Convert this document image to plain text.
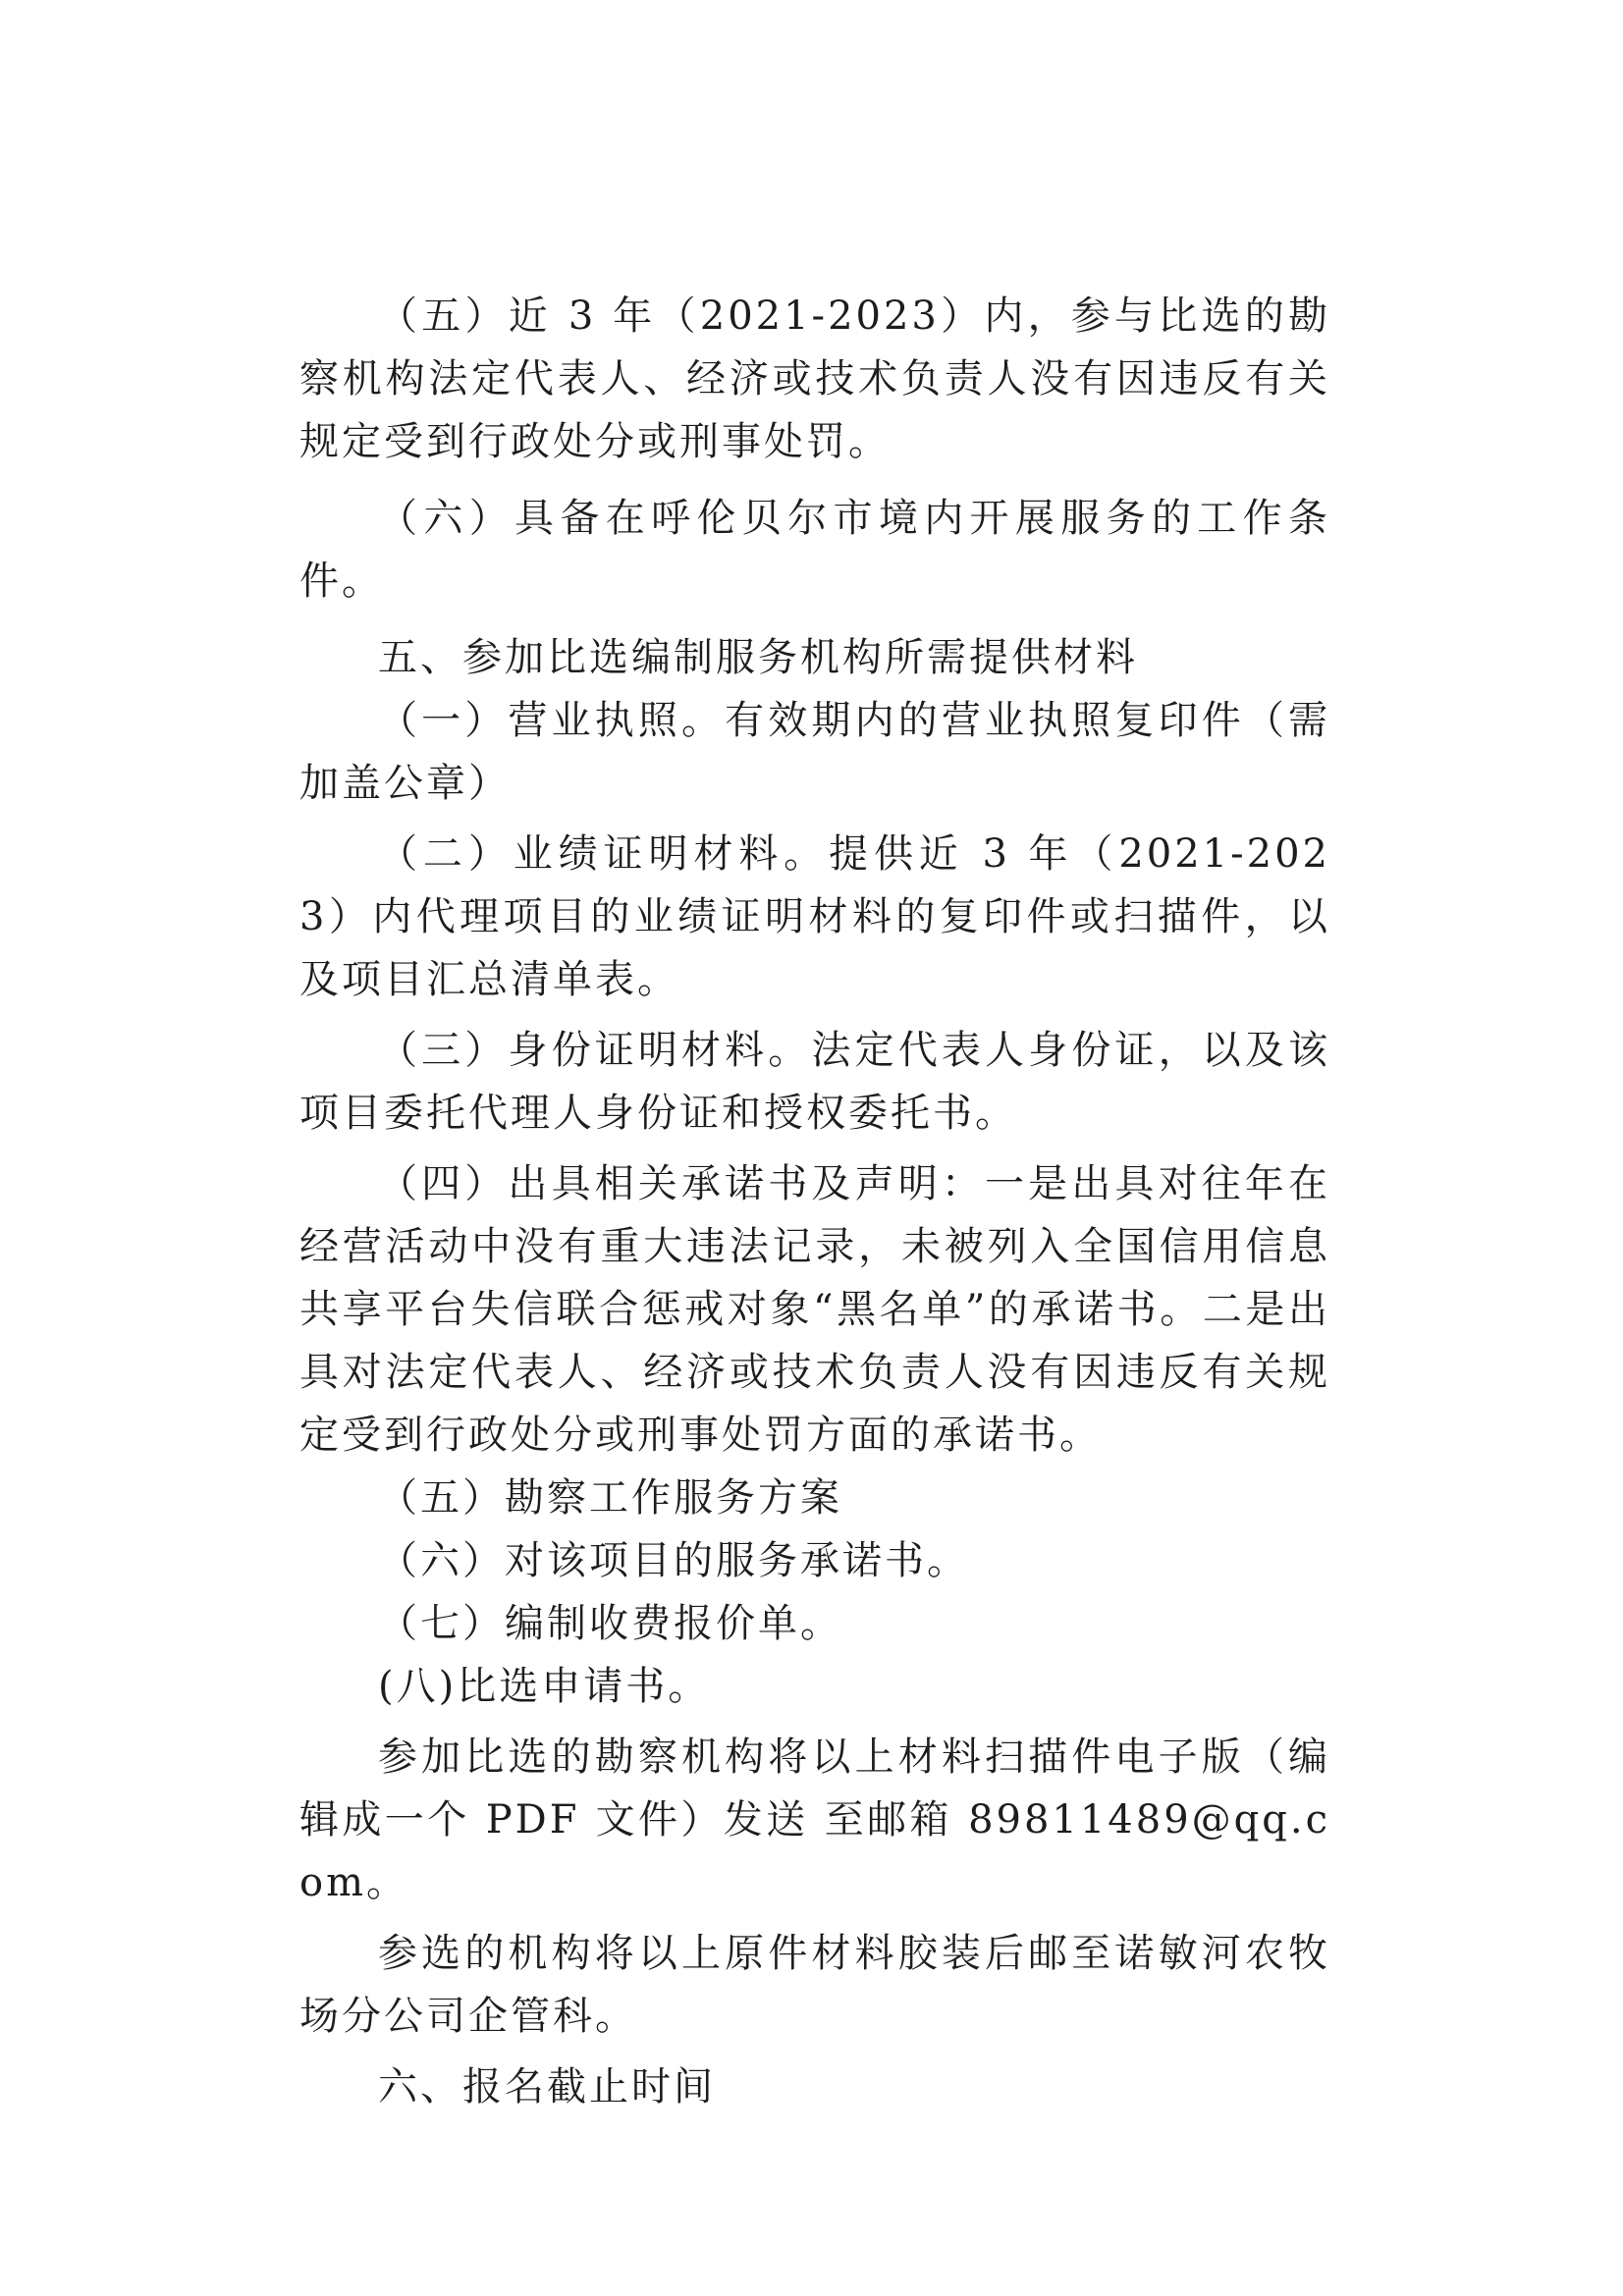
（五）近 3 年（2021-2023）内，参与比选的勘察机构法定代表人、经济或技术负责人没有因违反有关规定受到行政处分或刑事处罚。

（六）具备在呼伦贝尔市境内开展服务的工作条件。

五、参加比选编制服务机构所需提供材料

（一）营业执照。有效期内的营业执照复印件（需加盖公章）

（二）业绩证明材料。提供近 3 年（2021-2023）内代理项目的业绩证明材料的复印件或扫描件，以及项目汇总清单表。

（三）身份证明材料。法定代表人身份证，以及该项目委托代理人身份证和授权委托书。

（四）出具相关承诺书及声明：一是出具对往年在经营活动中没有重大违法记录，未被列入全国信用信息共享平台失信联合惩戒对象“黑名单”的承诺书。二是出具对法定代表人、经济或技术负责人没有因违反有关规定受到行政处分或刑事处罚方面的承诺书。

（五）勘察工作服务方案

（六）对该项目的服务承诺书。

（七）编制收费报价单。

(八)比选申请书。

参加比选的勘察机构将以上材料扫描件电子版（编辑成一个 PDF 文件）发送 至邮箱 89811489@qq.com。

参选的机构将以上原件材料胶装后邮至诺敏河农牧场分公司企管科。

六、报名截止时间
